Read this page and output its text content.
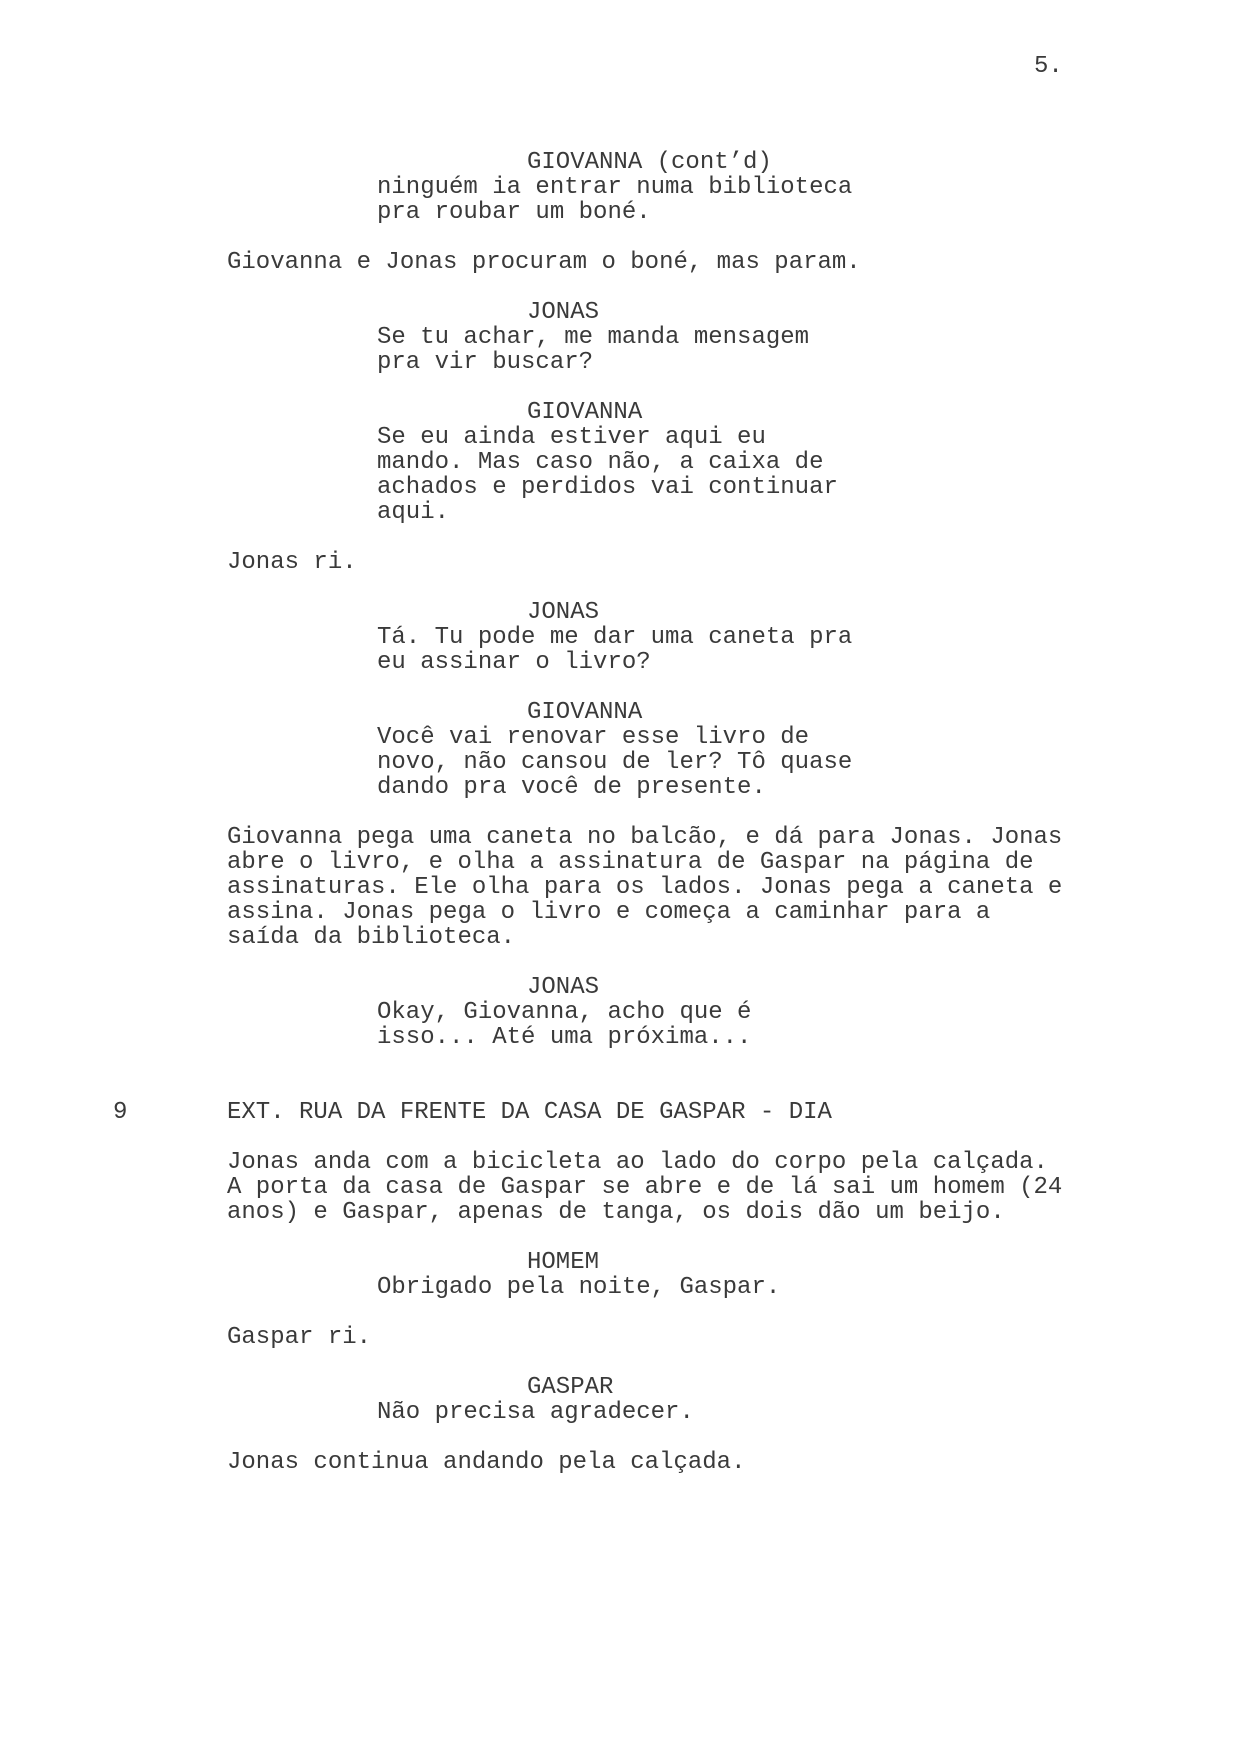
5.
GIOVANNA (cont’d)
ninguém ia entrar numa biblioteca
pra roubar um boné.
Giovanna e Jonas procuram o boné, mas param.
JONAS
Se tu achar, me manda mensagem
pra vir buscar?
GIOVANNA
Se eu ainda estiver aqui eu
mando. Mas caso não, a caixa de
achados e perdidos vai continuar
aqui.
Jonas ri.
JONAS
Tá. Tu pode me dar uma caneta pra
eu assinar o livro?
GIOVANNA
Você vai renovar esse livro de
novo, não cansou de ler? Tô quase
dando pra você de presente.
Giovanna pega uma caneta no balcão, e dá para Jonas. Jonas
abre o livro, e olha a assinatura de Gaspar na página de
assinaturas. Ele olha para os lados. Jonas pega a caneta e
assina. Jonas pega o livro e começa a caminhar para a
saída da biblioteca.
JONAS
Okay, Giovanna, acho que é
isso... Até uma próxima...
9	EXT. RUA DA FRENTE DA CASA DE GASPAR - DIA
Jonas anda com a bicicleta ao lado do corpo pela calçada.
A porta da casa de Gaspar se abre e de lá sai um homem (24
anos) e Gaspar, apenas de tanga, os dois dão um beijo.
HOMEM
Obrigado pela noite, Gaspar.
Gaspar ri.
GASPAR
Não precisa agradecer.
Jonas continua andando pela calçada.
